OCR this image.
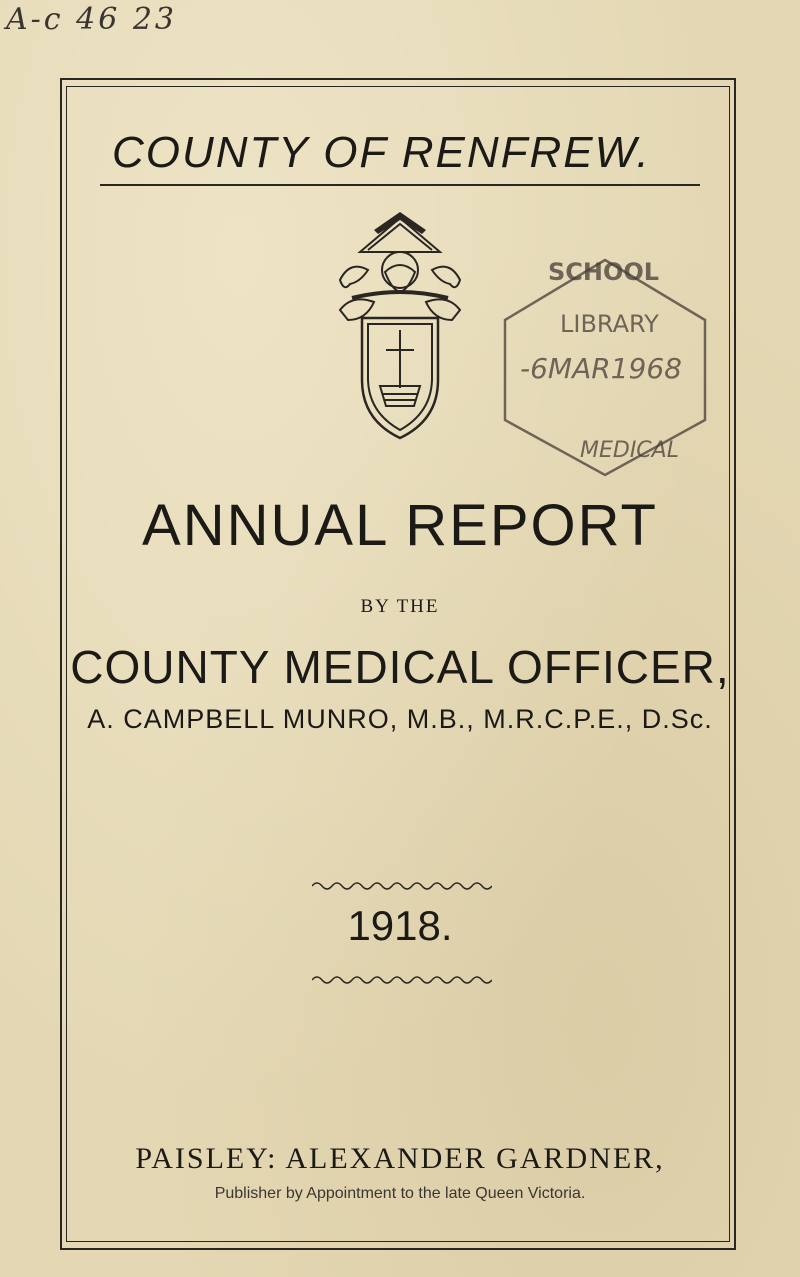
A-c 46 23
COUNTY OF RENFREW.
SCHOOL
LIBRARY
-6MAR1968
MEDICAL
ANNUAL REPORT
BY THE
COUNTY MEDICAL OFFICER,
A. CAMPBELL MUNRO, M.B., M.R.C.P.E., D.Sc.
1918.
PAISLEY: ALEXANDER GARDNER,
Publisher by Appointment to the late Queen Victoria.
